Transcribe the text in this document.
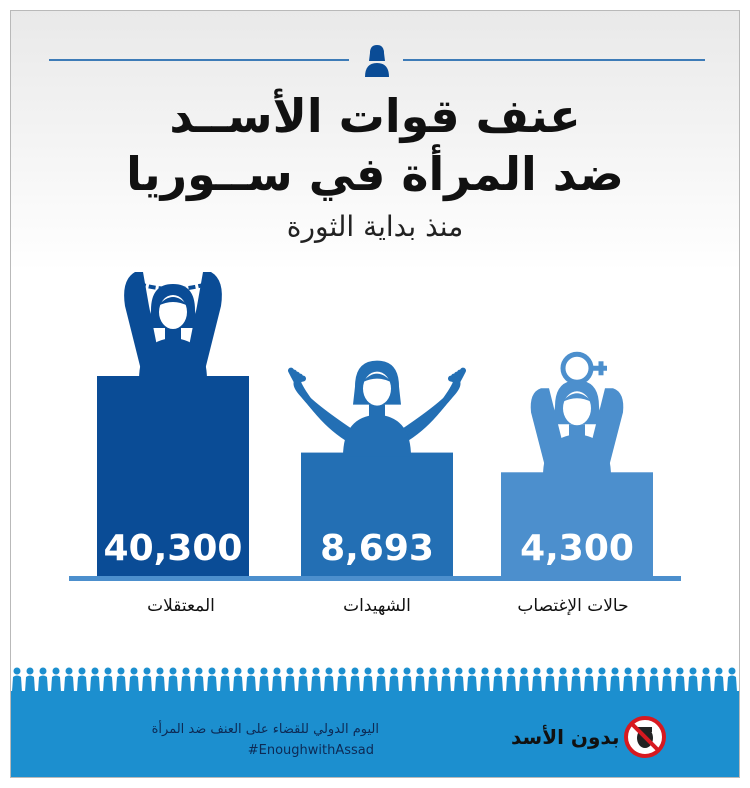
عنف قوات الأســد
ضد المرأة في ســوريا
منذ بداية الثورة
40,300 8,693 4,300
المعتقلات	الشهيدات	حالات الإغتصاب
اليوم الدولي للقضاء على العنف ضد المرأة
#EnoughwithAssad
بدون الأسد
